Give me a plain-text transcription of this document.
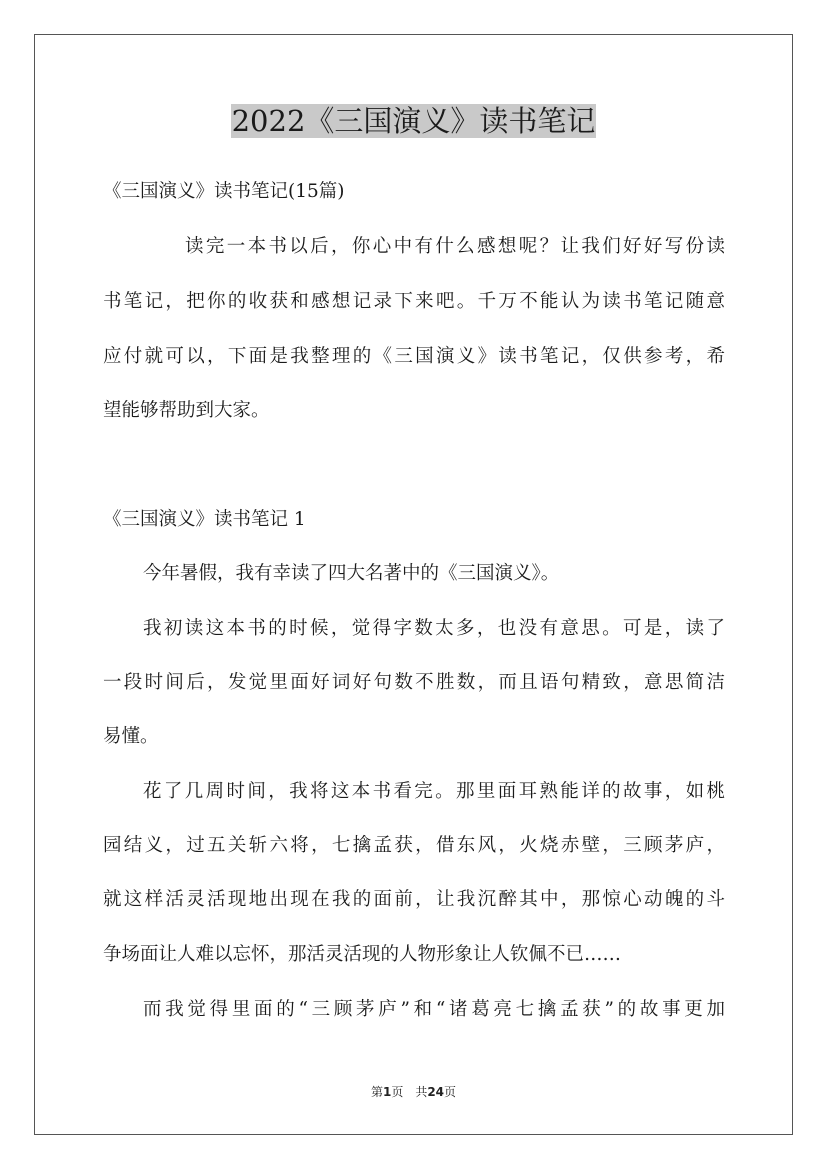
2022《三国演义》读书笔记

《三国演义》读书笔记(15篇)

读完一本书以后，你心中有什么感想呢？让我们好好写份读

书笔记，把你的收获和感想记录下来吧。千万不能认为读书笔记随意

应付就可以，下面是我整理的《三国演义》读书笔记，仅供参考，希

望能够帮助到大家。

《三国演义》读书笔记 1

今年暑假，我有幸读了四大名著中的《三国演义》。

我初读这本书的时候，觉得字数太多，也没有意思。可是，读了

一段时间后，发觉里面好词好句数不胜数，而且语句精致，意思简洁

易懂。

花了几周时间，我将这本书看完。那里面耳熟能详的故事，如桃

园结义，过五关斩六将，七擒孟获，借东风，火烧赤壁，三顾茅庐，

就这样活灵活现地出现在我的面前，让我沉醉其中，那惊心动魄的斗

争场面让人难以忘怀，那活灵活现的人物形象让人钦佩不已……

而我觉得里面的“三顾茅庐”和“诸葛亮七擒孟获”的故事更加

第1页　共24页
